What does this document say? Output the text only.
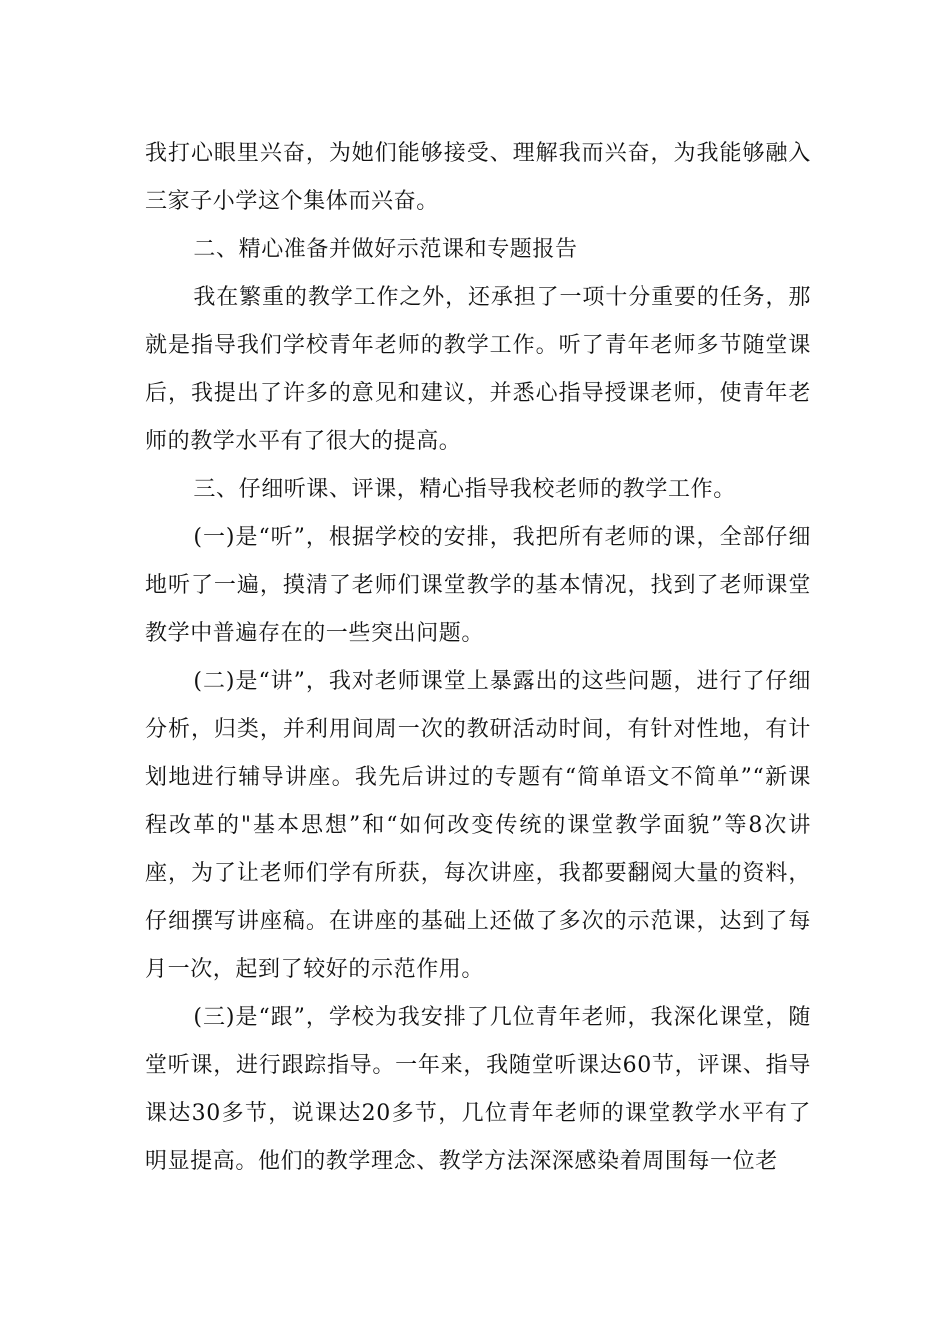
我打心眼里兴奋，为她们能够接受、理解我而兴奋，为我能够融入三家子小学这个集体而兴奋。

二、精心准备并做好示范课和专题报告

我在繁重的教学工作之外，还承担了一项十分重要的任务，那就是指导我们学校青年老师的教学工作。听了青年老师多节随堂课后，我提出了许多的意见和建议，并悉心指导授课老师，使青年老师的教学水平有了很大的提高。

三、仔细听课、评课，精心指导我校老师的教学工作。

(一)是“听”，根据学校的安排，我把所有老师的课，全部仔细地听了一遍，摸清了老师们课堂教学的基本情况，找到了老师课堂教学中普遍存在的一些突出问题。

(二)是“讲”，我对老师课堂上暴露出的这些问题，进行了仔细分析，归类，并利用间周一次的教研活动时间，有针对性地，有计划地进行辅导讲座。我先后讲过的专题有“简单语文不简单”“新课程改革的"基本思想”和“如何改变传统的课堂教学面貌”等8次讲座，为了让老师们学有所获，每次讲座，我都要翻阅大量的资料，仔细撰写讲座稿。在讲座的基础上还做了多次的示范课，达到了每月一次，起到了较好的示范作用。

(三)是“跟”，学校为我安排了几位青年老师，我深化课堂，随堂听课，进行跟踪指导。一年来，我随堂听课达60节，评课、指导课达30多节，说课达20多节，几位青年老师的课堂教学水平有了明显提高。他们的教学理念、教学方法深深感染着周围每一位老
